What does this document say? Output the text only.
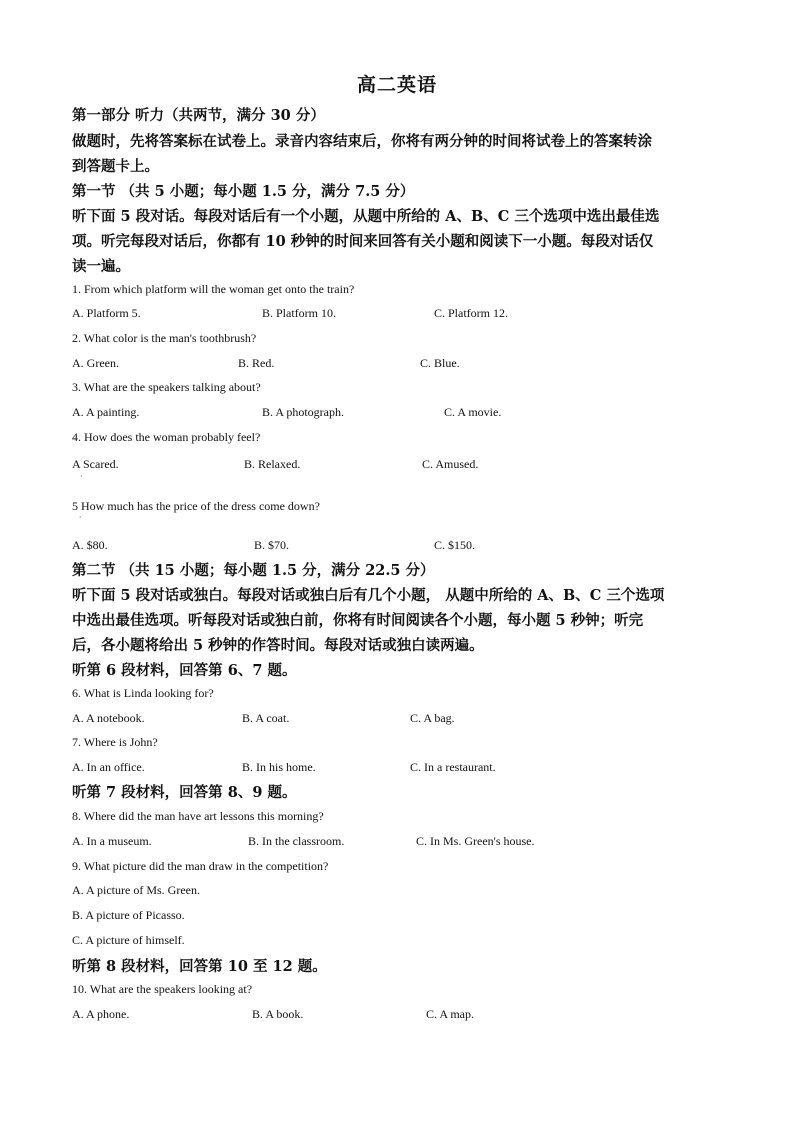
高二英语
第一部分 听力（共两节，满分 30 分）
做题时，先将答案标在试卷上。录音内容结束后，你将有两分钟的时间将试卷上的答案转涂
到答题卡上。
第一节 （共 5 小题；每小题 1.5 分，满分 7.5 分）
听下面 5 段对话。每段对话后有一个小题，从题中所给的 A、B、C 三个选项中选出最佳选
项。听完每段对话后，你都有 10 秒钟的时间来回答有关小题和阅读下一小题。每段对话仅
读一遍。
1. From which platform will the woman get onto the train?
A. Platform 5.	B. Platform 10.	C. Platform 12.
2. What color is the man's toothbrush?
A. Green.	B. Red.	C. Blue.
3. What are the speakers talking about?
A. A painting.	B. A photograph.	C. A movie.
4. How does the woman probably feel?
A Scared.	B. Relaxed.	C. Amused.
·
5 How much has the price of the dress come down?
·
A. $80.	B. $70.	C. $150.
第二节 （共 15 小题；每小题 1.5 分，满分 22.5 分）
听下面 5 段对话或独白。每段对话或独白后有几个小题， 从题中所给的 A、B、C 三个选项
中选出最佳选项。听每段对话或独白前，你将有时间阅读各个小题，每小题 5 秒钟；听完
后，各小题将给出 5 秒钟的作答时间。每段对话或独白读两遍。
听第 6 段材料，回答第 6、7 题。
6. What is Linda looking for?
A. A notebook.	B. A coat.	C. A bag.
7. Where is John?
A. In an office.	B. In his home.	C. In a restaurant.
听第 7 段材料，回答第 8、9 题。
8. Where did the man have art lessons this morning?
A. In a museum.	B. In the classroom.	C. In Ms. Green's house.
9. What picture did the man draw in the competition?
A. A picture of Ms. Green.
B. A picture of Picasso.
C. A picture of himself.
听第 8 段材料，回答第 10 至 12 题。
10. What are the speakers looking at?
A. A phone.	B. A book.	C. A map.
